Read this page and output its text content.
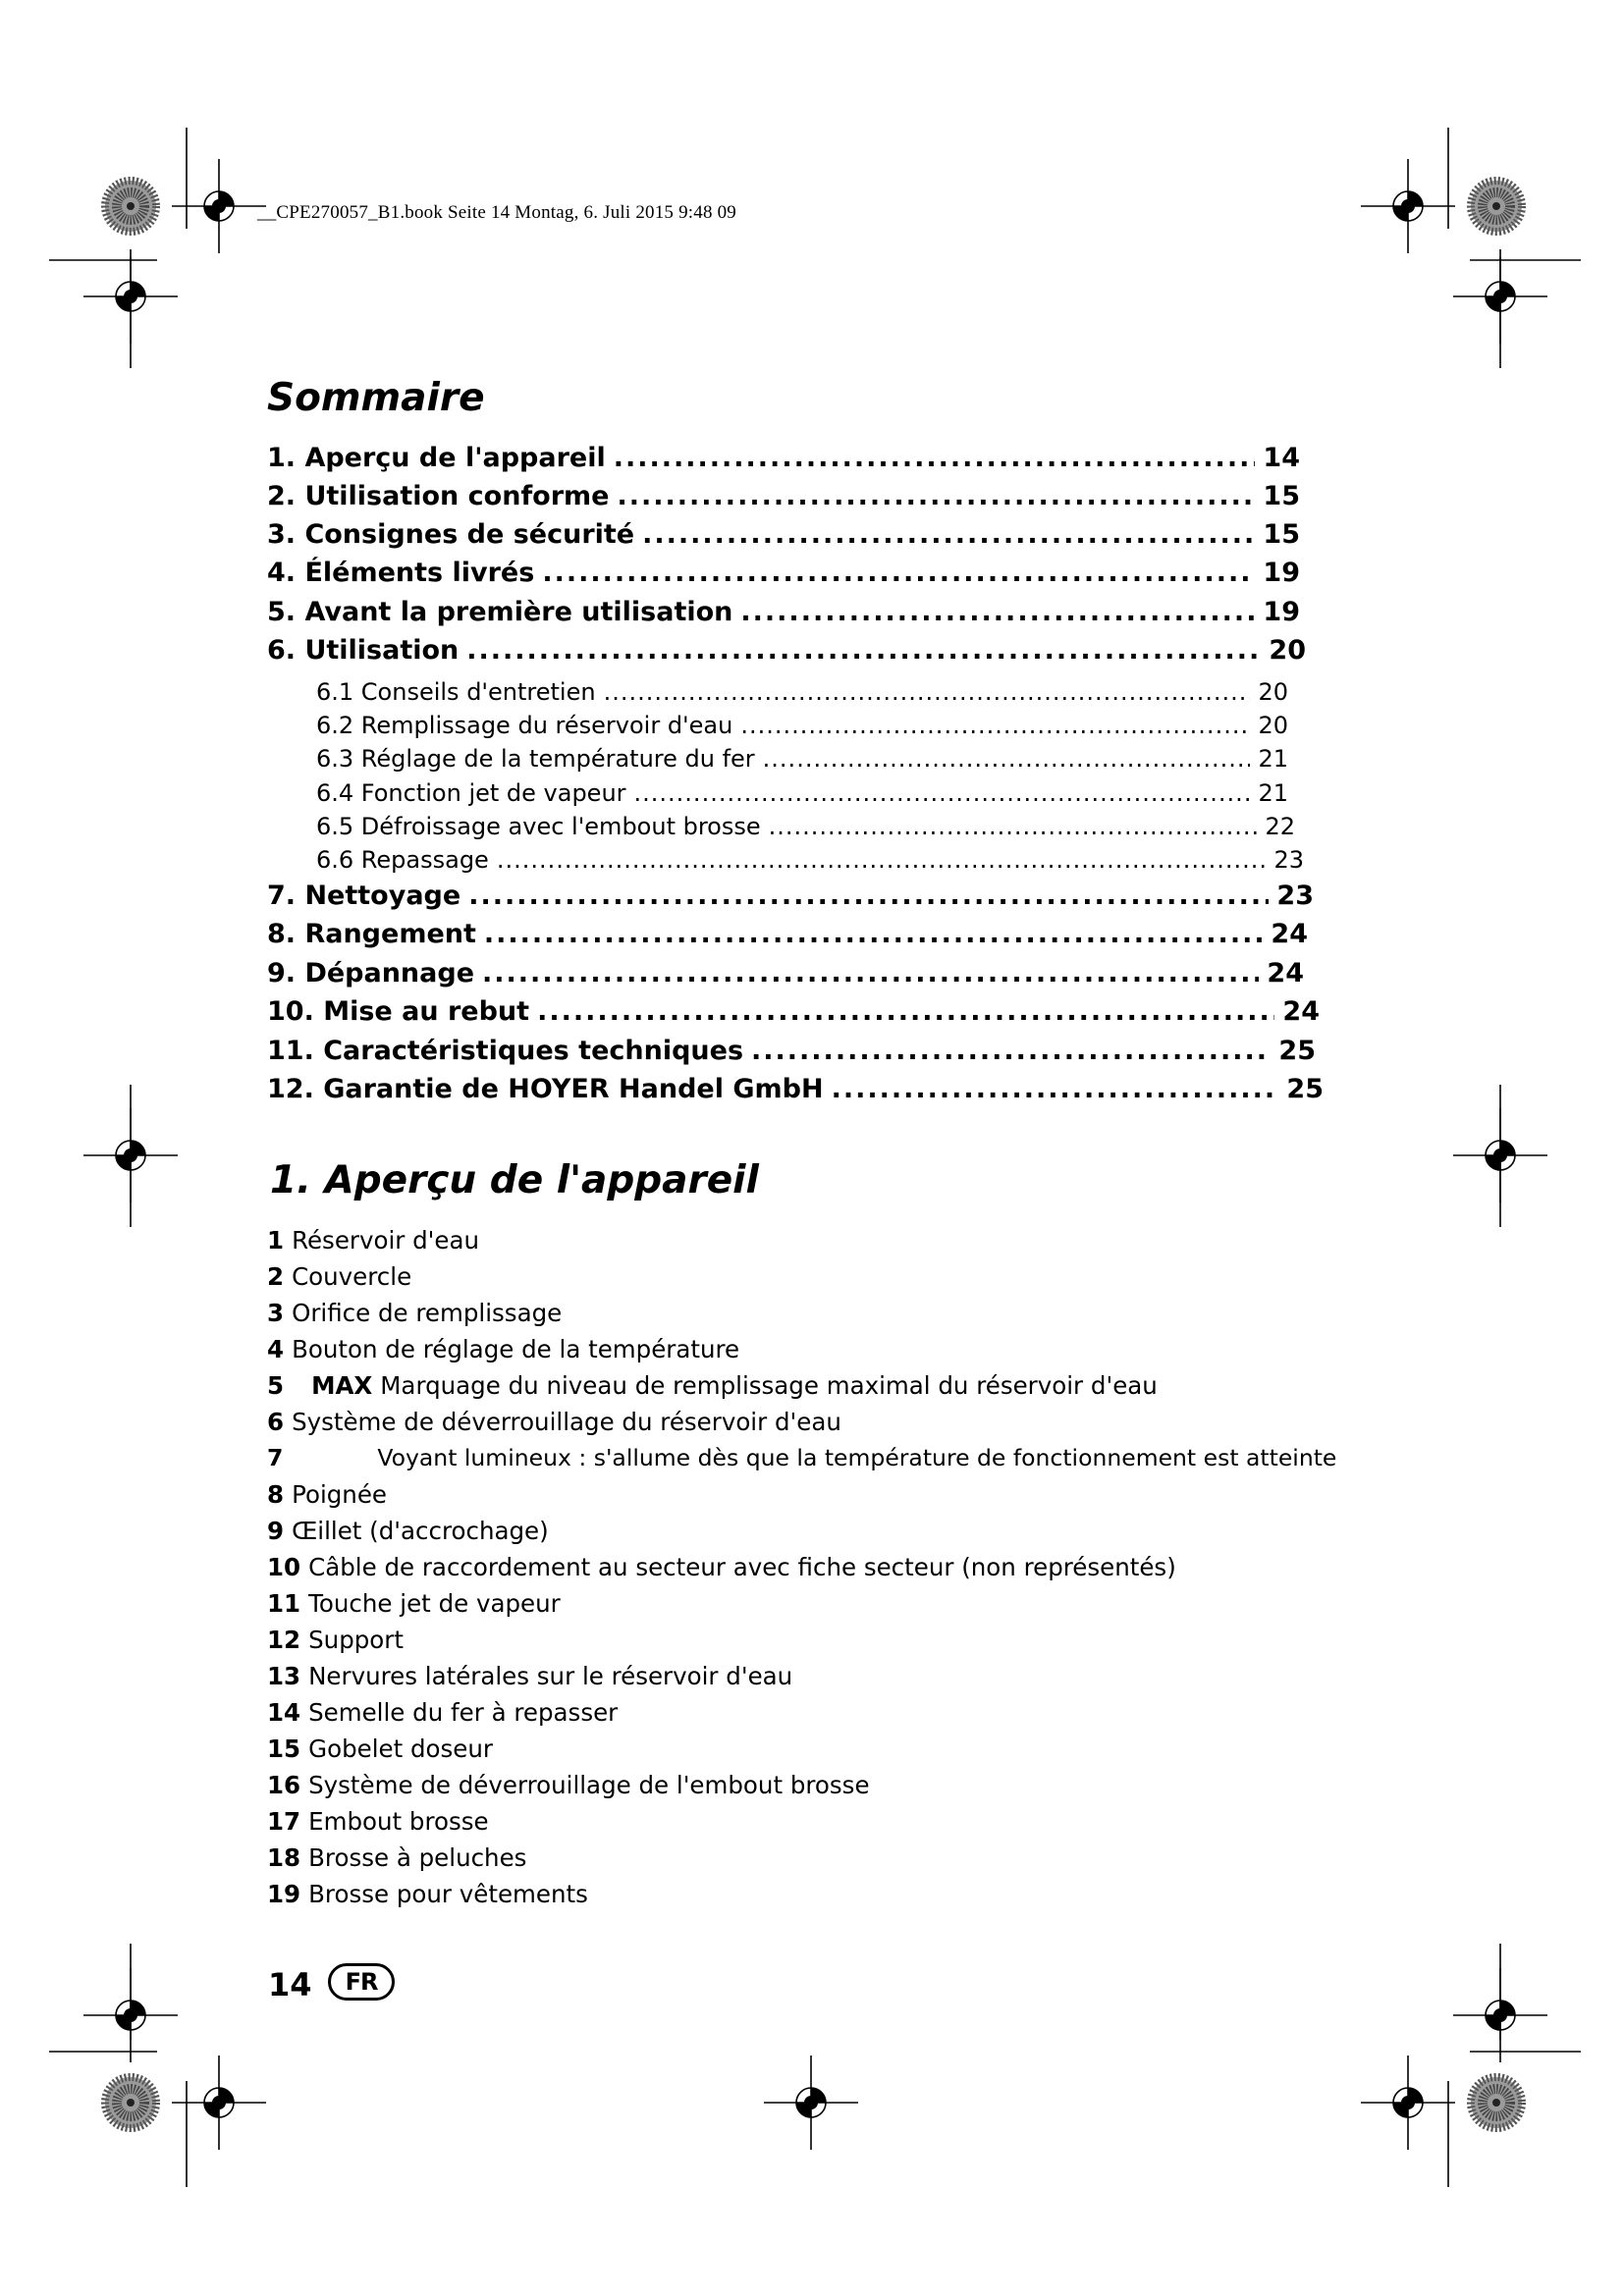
__CPE270057_B1.book Seite 14 Montag, 6. Juli 2015 9:48 09
Sommaire
1. Aperçu de l'appareil .....	14
2. Utilisation conforme .....	15
3. Consignes de sécurité .....	15
4. Éléments livrés .....	19
5. Avant la première utilisation .....	19
6. Utilisation .....	20
6.1 Conseils d'entretien .....	20
6.2 Remplissage du réservoir d'eau .....	20
6.3 Réglage de la température du fer .....	21
6.4 Fonction jet de vapeur .....	21
6.5 Défroissage avec l'embout brosse .....	22
6.6 Repassage .....	23
7. Nettoyage .....	23
8. Rangement .....	24
9. Dépannage .....	24
10. Mise au rebut .....	24
11. Caractéristiques techniques .....	25
12. Garantie de HOYER Handel GmbH .....	25
1. Aperçu de l'appareil
1 Réservoir d'eau
2 Couvercle
3 Orifice de remplissage
4 Bouton de réglage de la température
5 MAX Marquage du niveau de remplissage maximal du réservoir d'eau
6 Système de déverrouillage du réservoir d'eau
7	Voyant lumineux : s'allume dès que la température de fonctionnement est atteinte
8 Poignée
9 Œillet (d'accrochage)
10 Câble de raccordement au secteur avec fiche secteur (non représentés)
11 Touche jet de vapeur
12 Support
13 Nervures latérales sur le réservoir d'eau
14 Semelle du fer à repasser
15 Gobelet doseur
16 Système de déverrouillage de l'embout brosse
17 Embout brosse
18 Brosse à peluches
19 Brosse pour vêtements
14	FR
